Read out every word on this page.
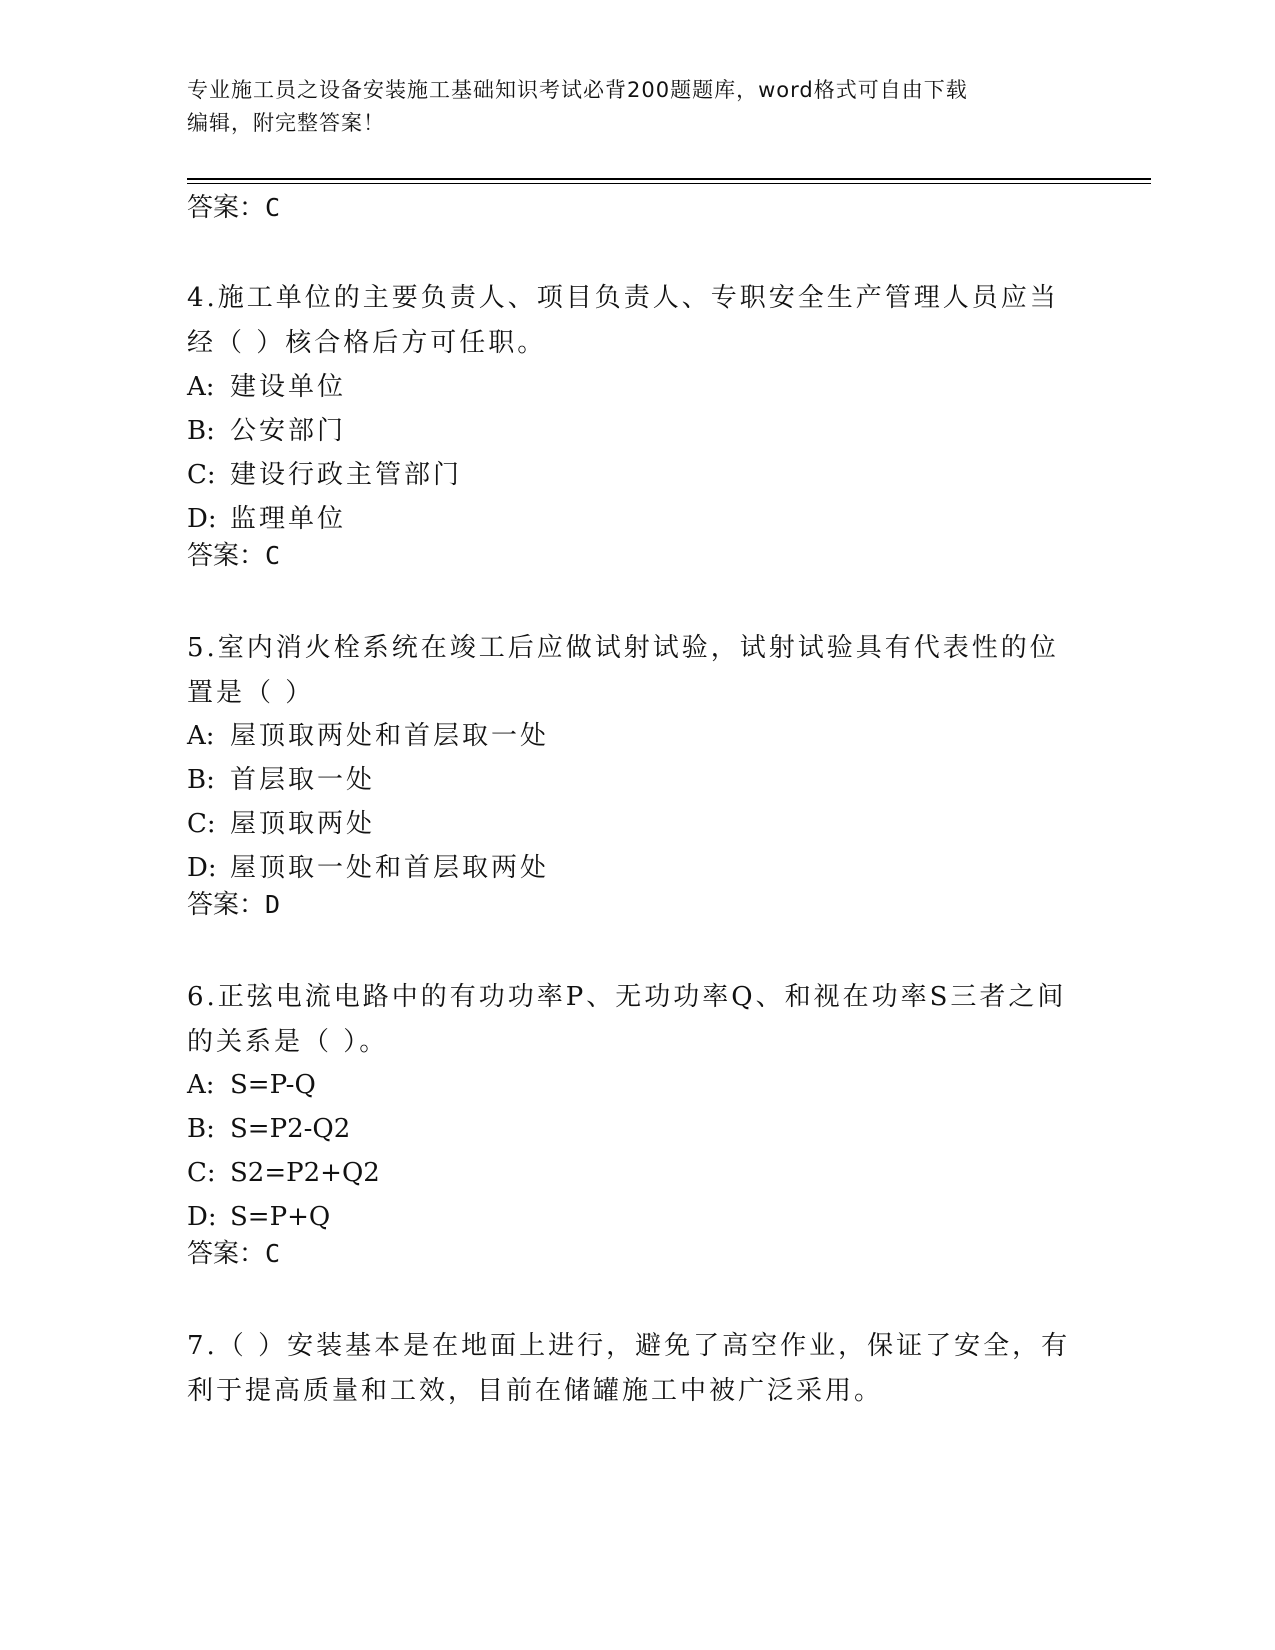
专业施工员之设备安装施工基础知识考试必背200题题库，word格式可自由下载
编辑，附完整答案！
答案：C
4.施工单位的主要负责人、项目负责人、专职安全生产管理人员应当
经（ ）核合格后方可任职。
A: 建设单位
B: 公安部门
C: 建设行政主管部门
D: 监理单位
答案：C
5.室内消火栓系统在竣工后应做试射试验，试射试验具有代表性的位
置是（ ）
A: 屋顶取两处和首层取一处
B: 首层取一处
C: 屋顶取两处
D: 屋顶取一处和首层取两处
答案：D
6.正弦电流电路中的有功功率P、无功功率Q、和视在功率S三者之间
的关系是（ ）。
A: S=P-Q
B: S=P2-Q2
C: S2=P2+Q2
D: S=P+Q
答案：C
7.（ ）安装基本是在地面上进行，避免了高空作业，保证了安全，有
利于提高质量和工效，目前在储罐施工中被广泛采用。
